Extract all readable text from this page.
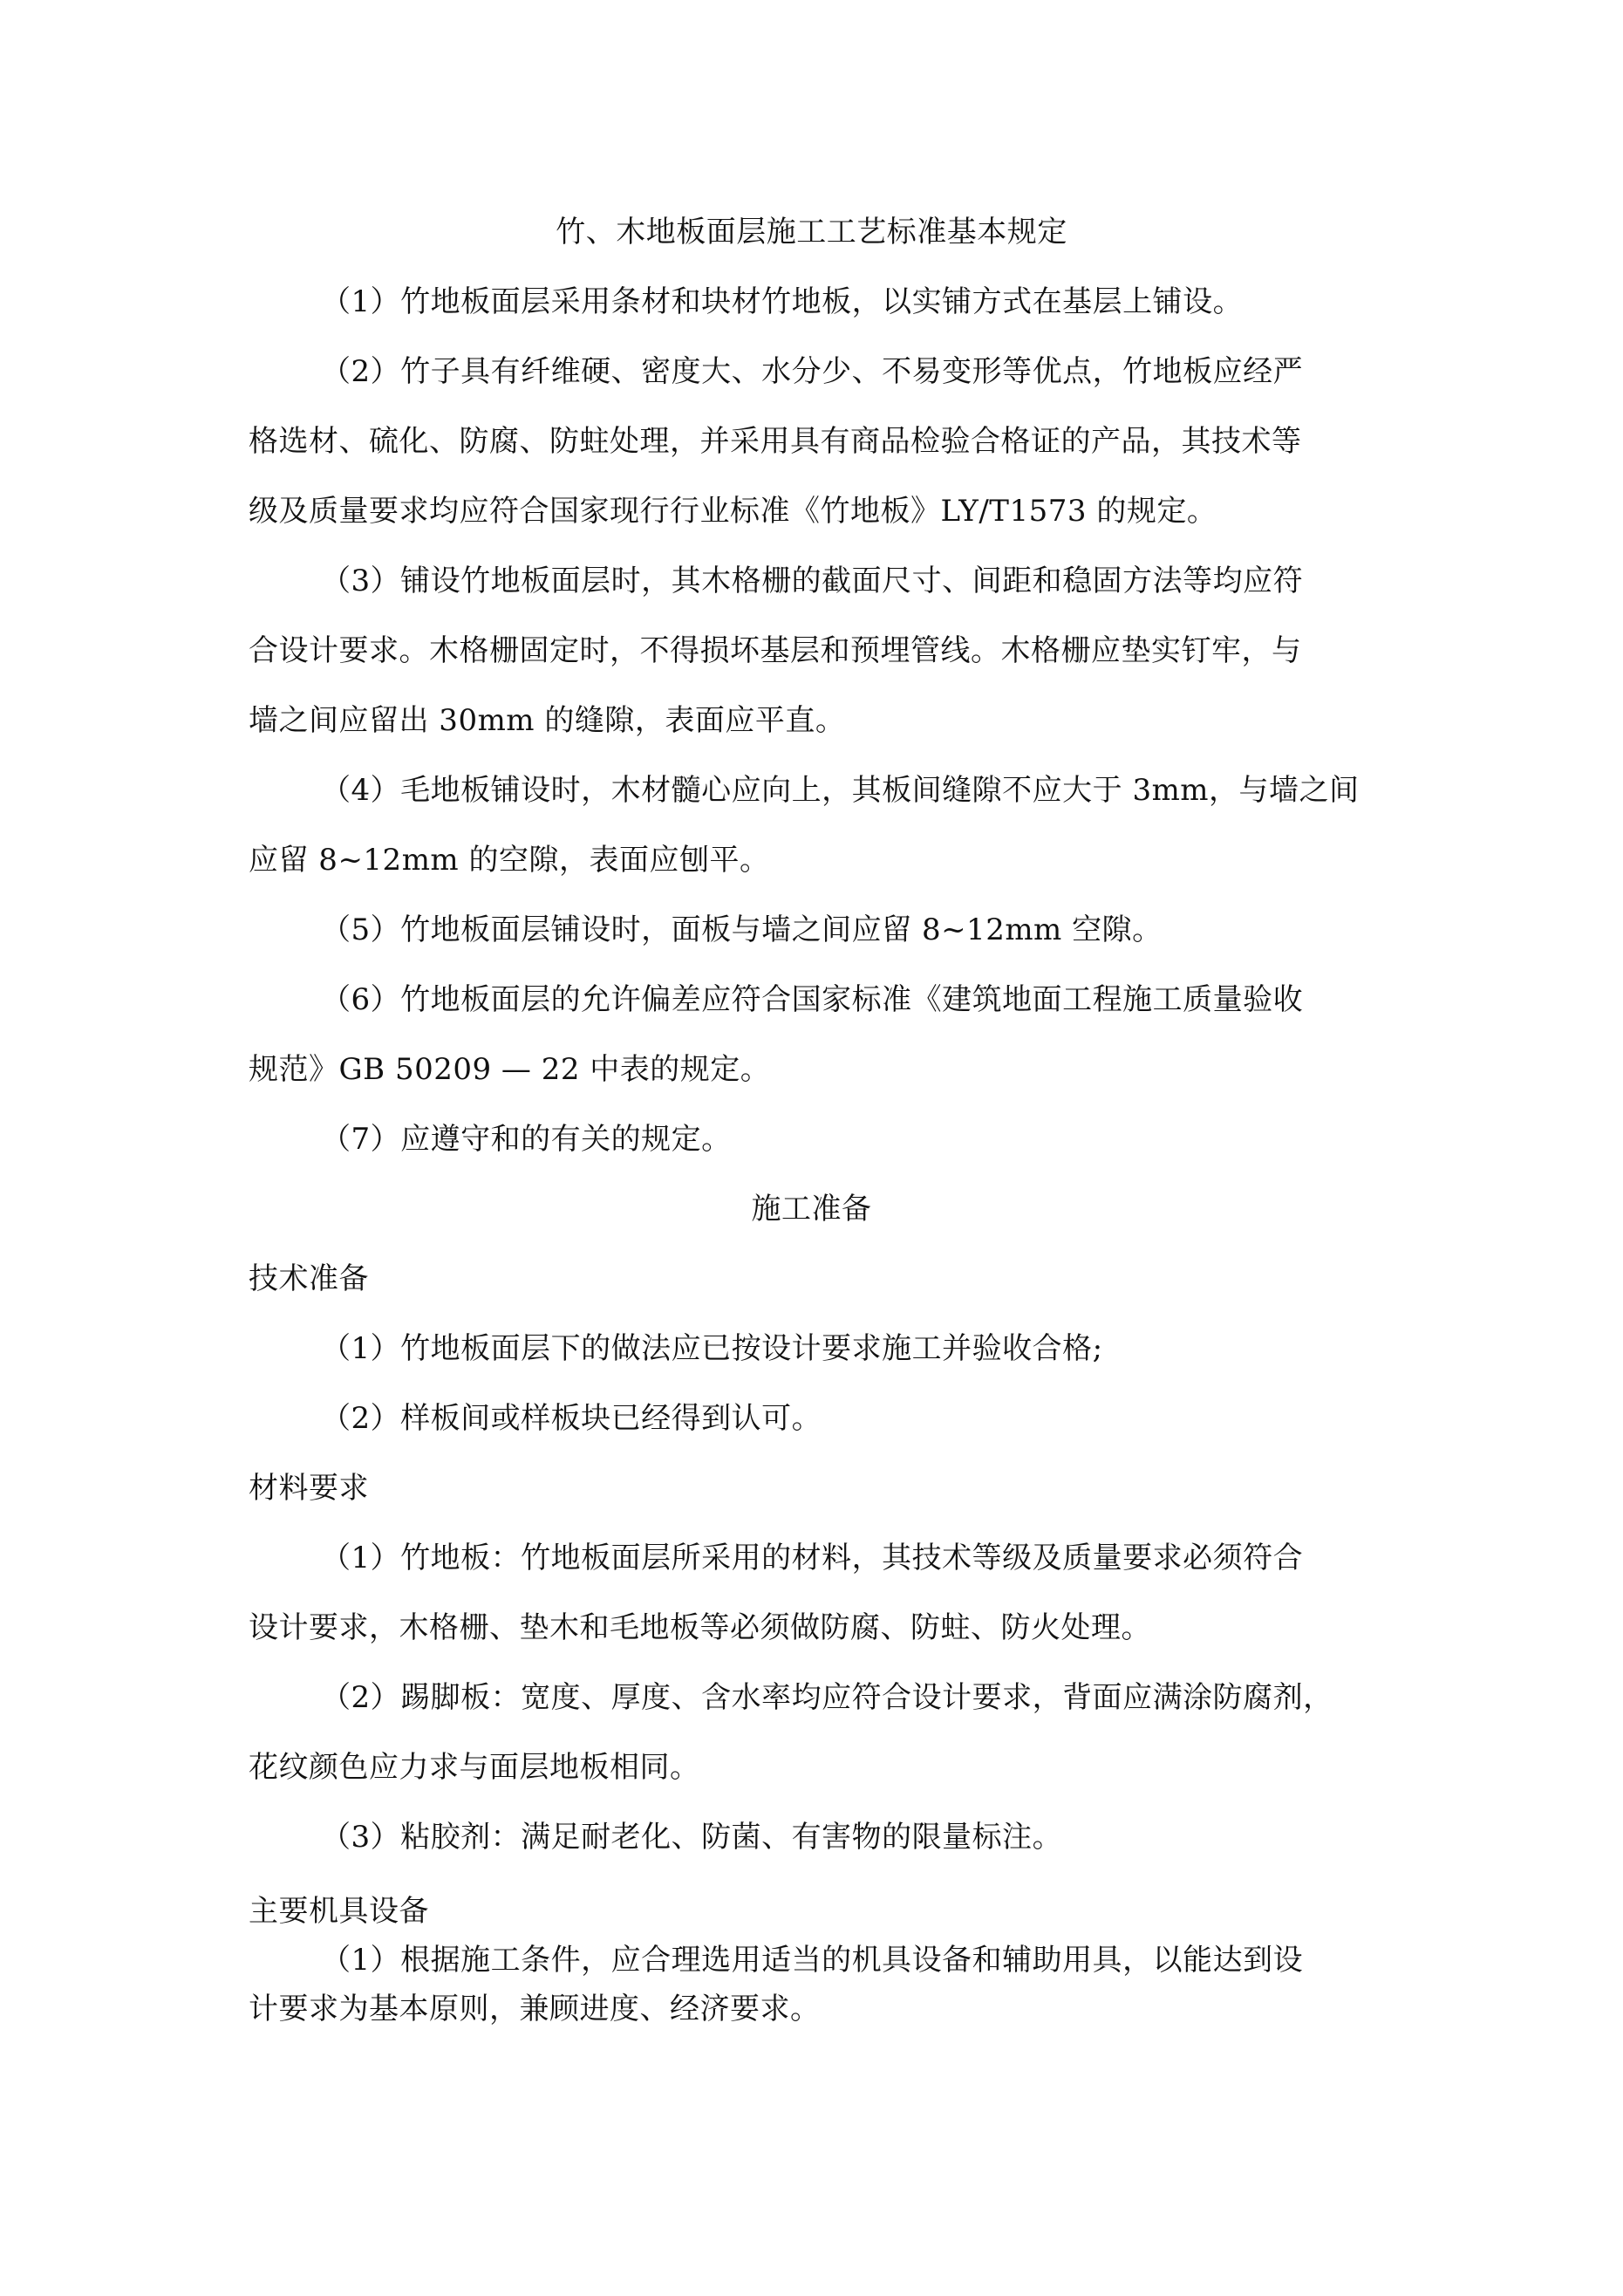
竹、木地板面层施工工艺标准基本规定
（1）竹地板面层采用条材和块材竹地板，以实铺方式在基层上铺设。
（2）竹子具有纤维硬、密度大、水分少、不易变形等优点，竹地板应经严
格选材、硫化、防腐、防蛀处理，并采用具有商品检验合格证的产品，其技术等
级及质量要求均应符合国家现行行业标准《竹地板》LY/T1573 的规定。
（3）铺设竹地板面层时，其木格栅的截面尺寸、间距和稳固方法等均应符
合设计要求。木格栅固定时，不得损坏基层和预埋管线。木格栅应垫实钉牢，与
墙之间应留出 30mm 的缝隙，表面应平直。
（4）毛地板铺设时，木材髓心应向上，其板间缝隙不应大于 3mm，与墙之间
应留 8~12mm 的空隙，表面应刨平。
（5）竹地板面层铺设时，面板与墙之间应留 8~12mm 空隙。
（6）竹地板面层的允许偏差应符合国家标准《建筑地面工程施工质量验收
规范》GB 50209 — 22 中表的规定。
（7）应遵守和的有关的规定。
施工准备
技术准备
（1）竹地板面层下的做法应已按设计要求施工并验收合格;
（2）样板间或样板块已经得到认可。
材料要求
（1）竹地板：竹地板面层所采用的材料，其技术等级及质量要求必须符合
设计要求，木格栅、垫木和毛地板等必须做防腐、防蛀、防火处理。
（2）踢脚板：宽度、厚度、含水率均应符合设计要求，背面应满涂防腐剂，
花纹颜色应力求与面层地板相同。
（3）粘胶剂：满足耐老化、防菌、有害物的限量标注。
主要机具设备
（1）根据施工条件，应合理选用适当的机具设备和辅助用具，以能达到设
计要求为基本原则，兼顾进度、经济要求。
